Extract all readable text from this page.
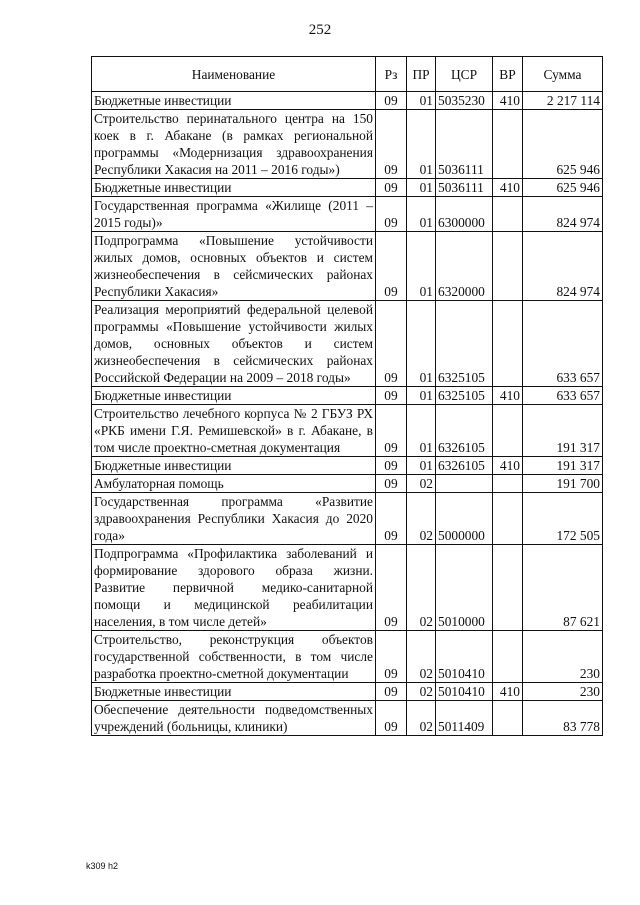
252
Наименование	Рз	ПР	ЦСР	ВР	Сумма
Бюджетные инвестиции	09	01	5035230	410	2 217 114
Строительство перинатального центра на 150 коек в г. Абакане (в рамках региональной программы «Модернизация здравоохранения Республики Хакасия на 2011 – 2016 годы»)	09	01	5036111		625 946
Бюджетные инвестиции	09	01	5036111	410	625 946
Государственная программа «Жилище (2011 – 2015 годы)»	09	01	6300000		824 974
Подпрограмма «Повышение устойчивости жилых домов, основных объектов и систем жизнеобеспечения в сейсмических районах Республики Хакасия»	09	01	6320000		824 974
Реализация мероприятий федеральной целевой программы «Повышение устойчивости жилых домов, основных объектов и систем жизнеобеспечения в сейсмических районах Российской Федерации на 2009 – 2018 годы»	09	01	6325105		633 657
Бюджетные инвестиции	09	01	6325105	410	633 657
Строительство лечебного корпуса № 2 ГБУЗ РХ «РКБ имени Г.Я. Ремишевской» в г. Абакане, в том числе проектно-сметная документация	09	01	6326105		191 317
Бюджетные инвестиции	09	01	6326105	410	191 317
Амбулаторная помощь	09	02			191 700
Государственная программа «Развитие здравоохранения Республики Хакасия до 2020 года»	09	02	5000000		172 505
Подпрограмма «Профилактика заболеваний и формирование здорового образа жизни. Развитие первичной медико-санитарной помощи и медицинской реабилитации населения, в том числе детей»	09	02	5010000		87 621
Строительство, реконструкция объектов государственной собственности, в том числе разработка проектно-сметной документации	09	02	5010410		230
Бюджетные инвестиции	09	02	5010410	410	230
Обеспечение деятельности подведомственных учреждений (больницы, клиники)	09	02	5011409		83 778
k309 h2
